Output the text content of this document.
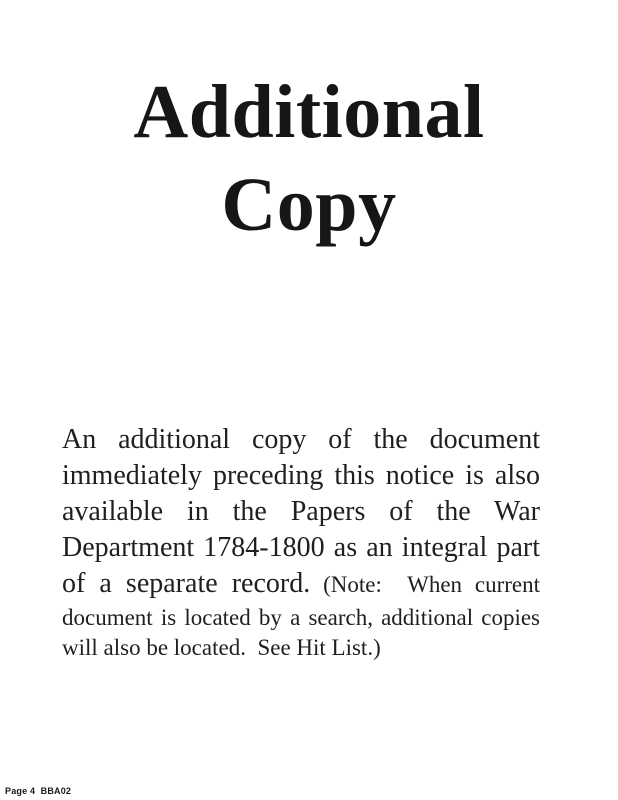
Additional
Copy
An additional copy of the document
immediately preceding this notice is also
available in the Papers of the War
Department 1784-1800 as an integral part
of a separate record. (Note:  When current
document is located by a search, additional copies
will also be located.  See Hit List.)
Page 4  BBA02
